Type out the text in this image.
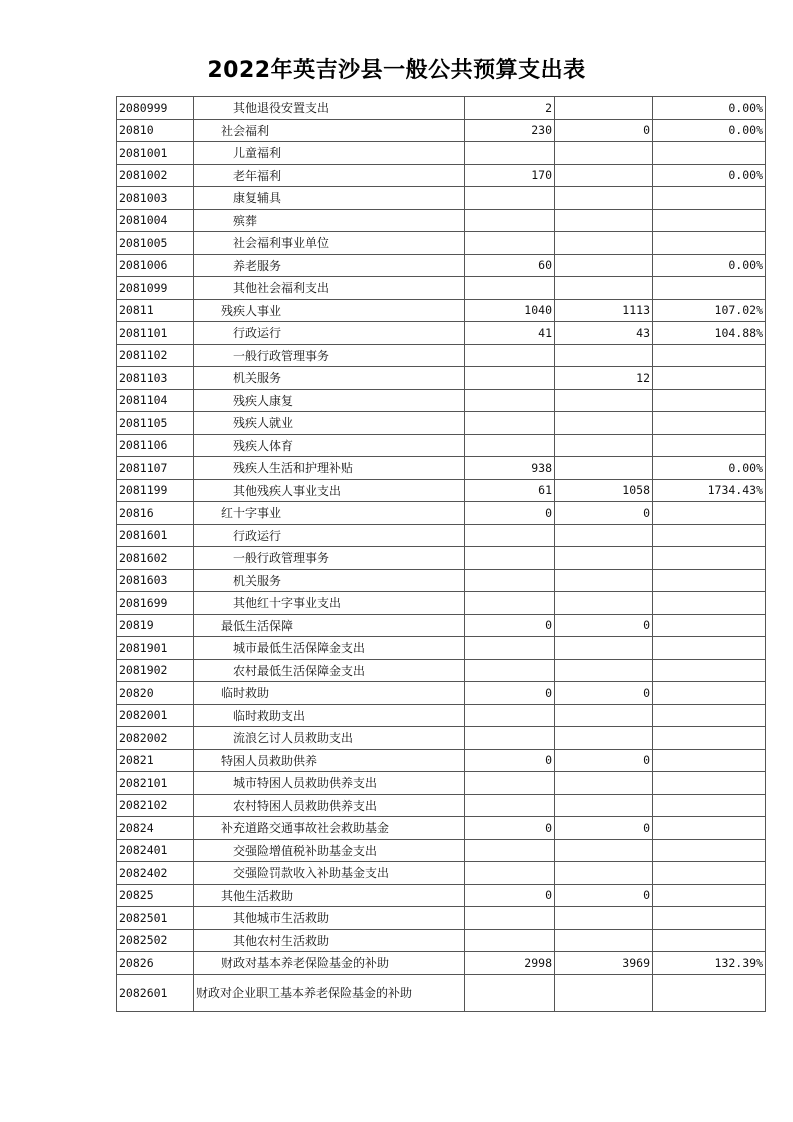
2022年英吉沙县一般公共预算支出表
2080999	其他退役安置支出	2		0.00%
20810	社会福利	230	0	0.00%
2081001	儿童福利			
2081002	老年福利	170		0.00%
2081003	康复辅具			
2081004	殡葬			
2081005	社会福利事业单位			
2081006	养老服务	60		0.00%
2081099	其他社会福利支出			
20811	残疾人事业	1040	1113	107.02%
2081101	行政运行	41	43	104.88%
2081102	一般行政管理事务			
2081103	机关服务		12	
2081104	残疾人康复			
2081105	残疾人就业			
2081106	残疾人体育			
2081107	残疾人生活和护理补贴	938		0.00%
2081199	其他残疾人事业支出	61	1058	1734.43%
20816	红十字事业	0	0	
2081601	行政运行			
2081602	一般行政管理事务			
2081603	机关服务			
2081699	其他红十字事业支出			
20819	最低生活保障	0	0	
2081901	城市最低生活保障金支出			
2081902	农村最低生活保障金支出			
20820	临时救助	0	0	
2082001	临时救助支出			
2082002	流浪乞讨人员救助支出			
20821	特困人员救助供养	0	0	
2082101	城市特困人员救助供养支出			
2082102	农村特困人员救助供养支出			
20824	补充道路交通事故社会救助基金	0	0	
2082401	交强险增值税补助基金支出			
2082402	交强险罚款收入补助基金支出			
20825	其他生活救助	0	0	
2082501	其他城市生活救助			
2082502	其他农村生活救助			
20826	财政对基本养老保险基金的补助	2998	3969	132.39%
2082601	财政对企业职工基本养老保险基金的补助			
